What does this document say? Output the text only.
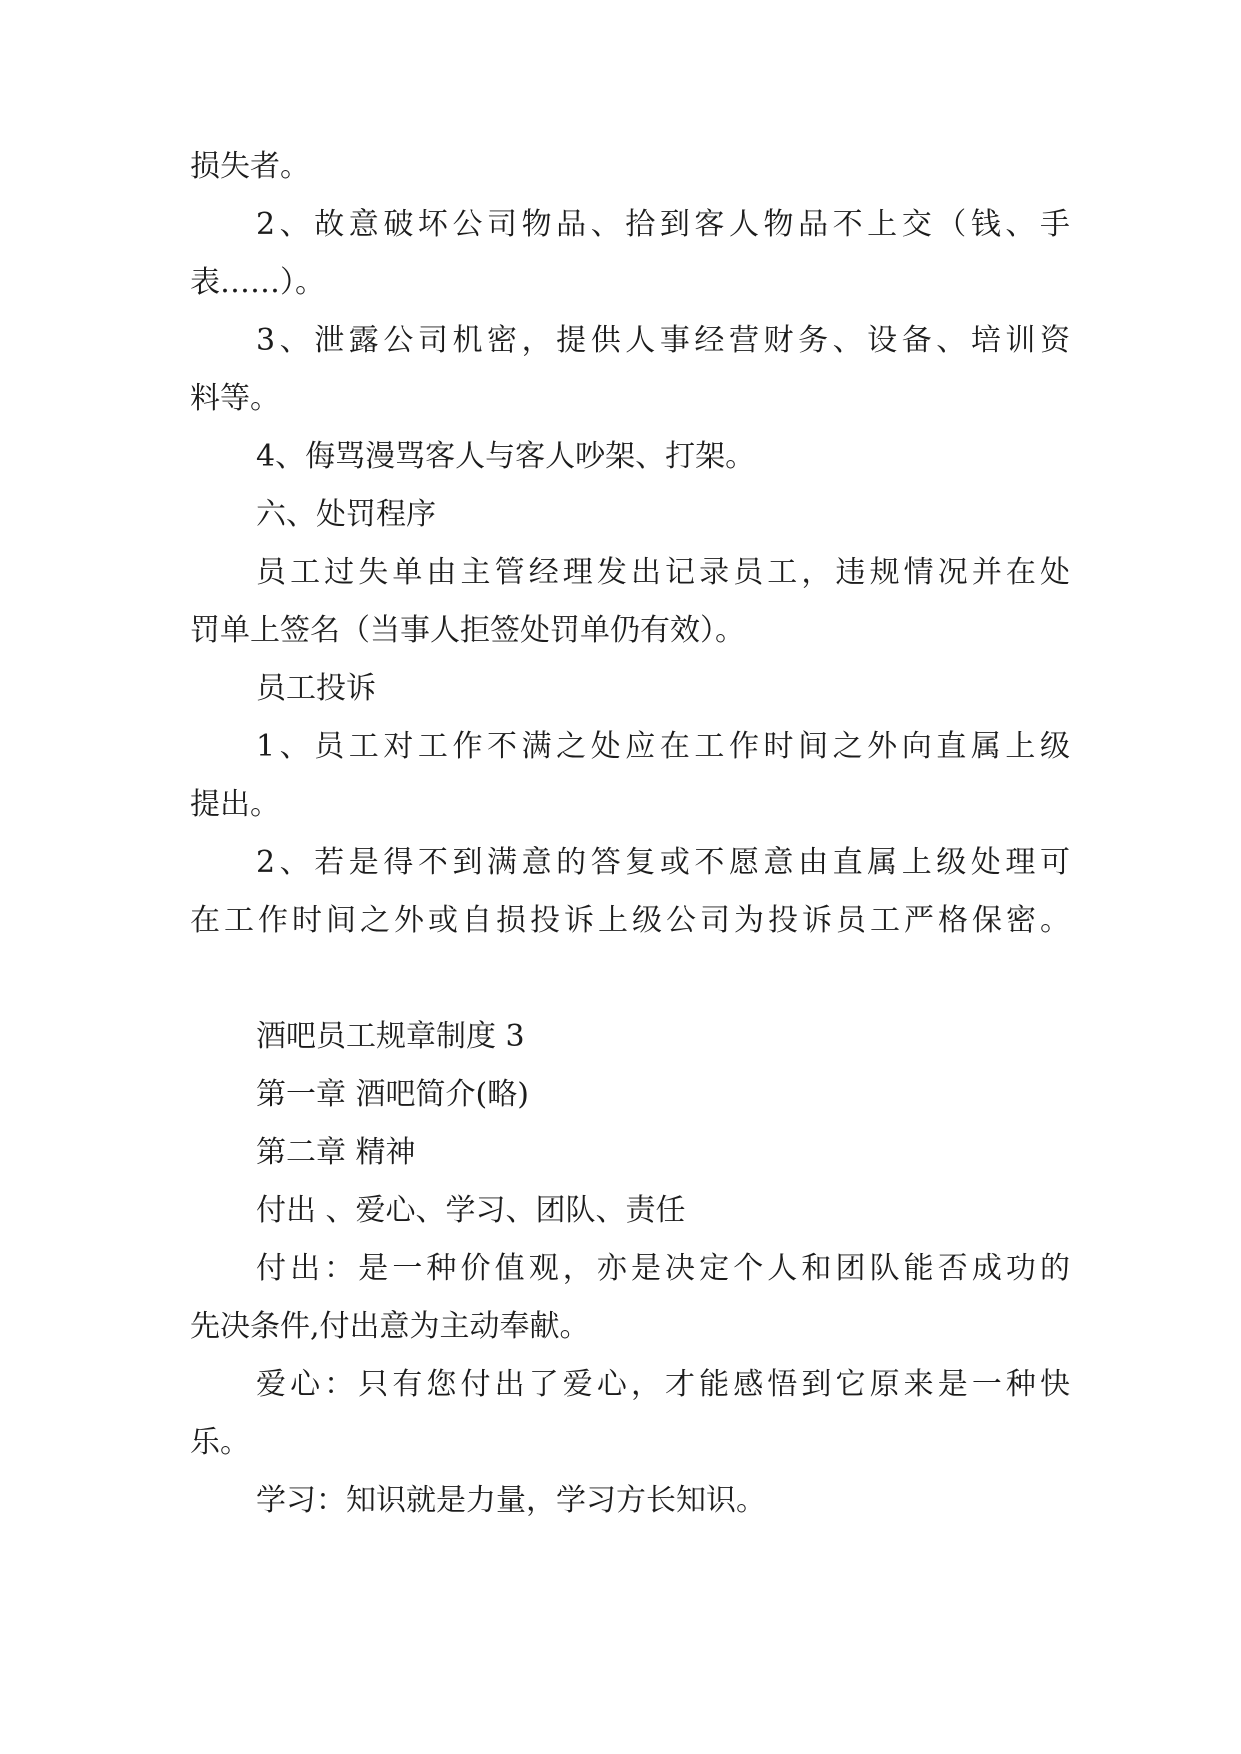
损失者。
2、故意破坏公司物品、拾到客人物品不上交（钱、手
表……）。
3、泄露公司机密，提供人事经营财务、设备、培训资
料等。
4、侮骂漫骂客人与客人吵架、打架。
六、处罚程序
员工过失单由主管经理发出记录员工，违规情况并在处
罚单上签名（当事人拒签处罚单仍有效）。
员工投诉
1、员工对工作不满之处应在工作时间之外向直属上级
提出。
2、若是得不到满意的答复或不愿意由直属上级处理可
在工作时间之外或自损投诉上级公司为投诉员工严格保密。
酒吧员工规章制度 3
第一章 酒吧简介(略)
第二章 精神
付出 、爱心、学习、团队、责任
付出：是一种价值观，亦是决定个人和团队能否成功的
先决条件,付出意为主动奉献。
爱心：只有您付出了爱心，才能感悟到它原来是一种快
乐。
学习：知识就是力量，学习方长知识。
